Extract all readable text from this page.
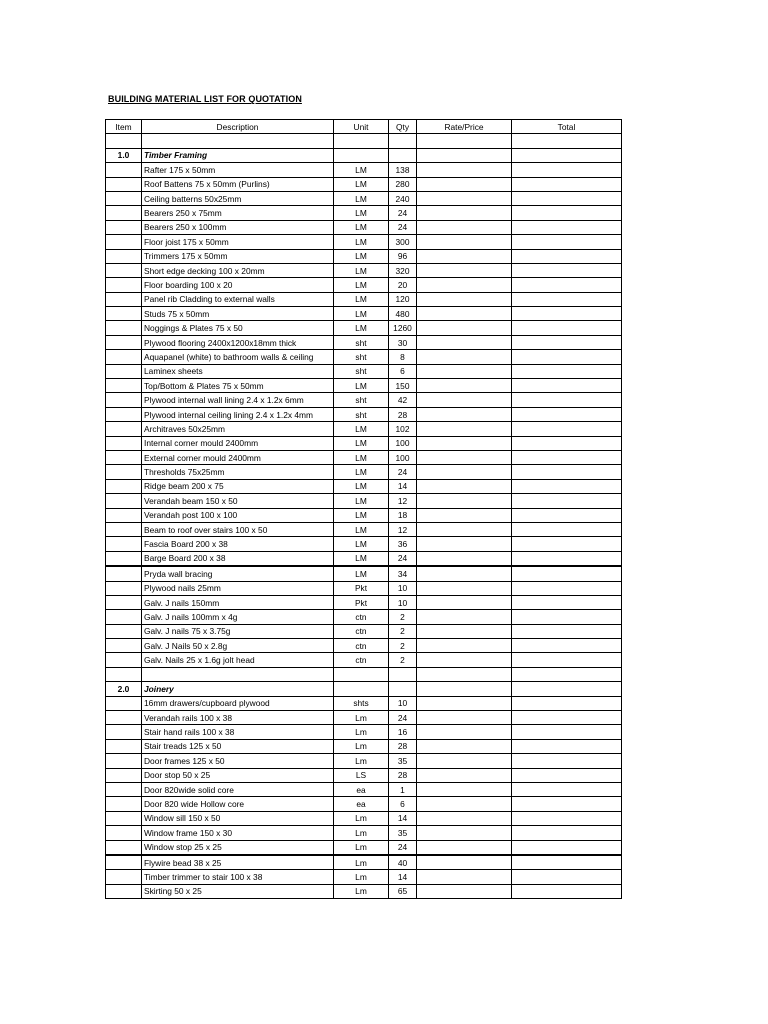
BUILDING MATERIAL LIST FOR QUOTATION
Item	Description	Unit	Qty	Rate/Price	Total

1.0	Timber Framing				
	Rafter 175 x 50mm	LM	138		
	Roof Battens 75 x 50mm (Purlins)	LM	280		
	Ceiling batterns 50x25mm	LM	240		
	Bearers 250 x 75mm	LM	24		
	Bearers 250 x 100mm	LM	24		
	Floor joist 175 x 50mm	LM	300		
	Trimmers 175 x 50mm	LM	96		
	Short edge decking 100 x 20mm	LM	320		
	Floor boarding 100 x 20	LM	20		
	Panel rib Cladding to external walls	LM	120		
	Studs 75 x 50mm	LM	480		
	Noggings & Plates 75 x 50	LM	1260		
	Plywood flooring 2400x1200x18mm thick	sht	30		
	Aquapanel (white) to bathroom walls & ceiling	sht	8		
	Laminex sheets	sht	6		
	Top/Bottom & Plates 75 x 50mm	LM	150		
	Plywood internal wall lining 2.4 x 1.2x 6mm	sht	42		
	Plywood internal ceiling lining 2.4 x 1.2x 4mm	sht	28		
	Architraves 50x25mm	LM	102		
	Internal corner mould 2400mm	LM	100		
	External corner mould 2400mm	LM	100		
	Thresholds 75x25mm	LM	24		
	Ridge beam 200 x 75	LM	14		
	Verandah beam 150 x 50	LM	12		
	Verandah post 100 x 100	LM	18		
	Beam to roof over stairs 100 x 50	LM	12		
	Fascia Board 200 x 38	LM	36		
	Barge Board 200 x 38	LM	24		
	Pryda wall bracing	LM	34		
	Plywood nails 25mm	Pkt	10		
	Galv. J nails 150mm	Pkt	10		
	Galv. J nails 100mm x 4g	ctn	2		
	Galv. J nails 75 x 3.75g	ctn	2		
	Galv. J Nails 50 x 2.8g	ctn	2		
	Galv. Nails 25 x 1.6g jolt head	ctn	2		

2.0	Joinery				
	16mm drawers/cupboard plywood	shts	10		
	Verandah rails 100 x 38	Lm	24		
	Stair hand rails 100 x 38	Lm	16		
	Stair treads 125 x 50	Lm	28		
	Door frames 125 x 50	Lm	35		
	Door stop 50 x 25	LS	28		
	Door 820wide solid core	ea	1		
	Door 820 wide Hollow core	ea	6		
	Window sill 150 x 50	Lm	14		
	Window frame 150 x 30	Lm	35		
	Window stop 25 x 25	Lm	24		
	Flywire bead 38 x 25	Lm	40		
	Timber trimmer to stair 100 x 38	Lm	14		
	Skirting 50 x 25	Lm	65		
